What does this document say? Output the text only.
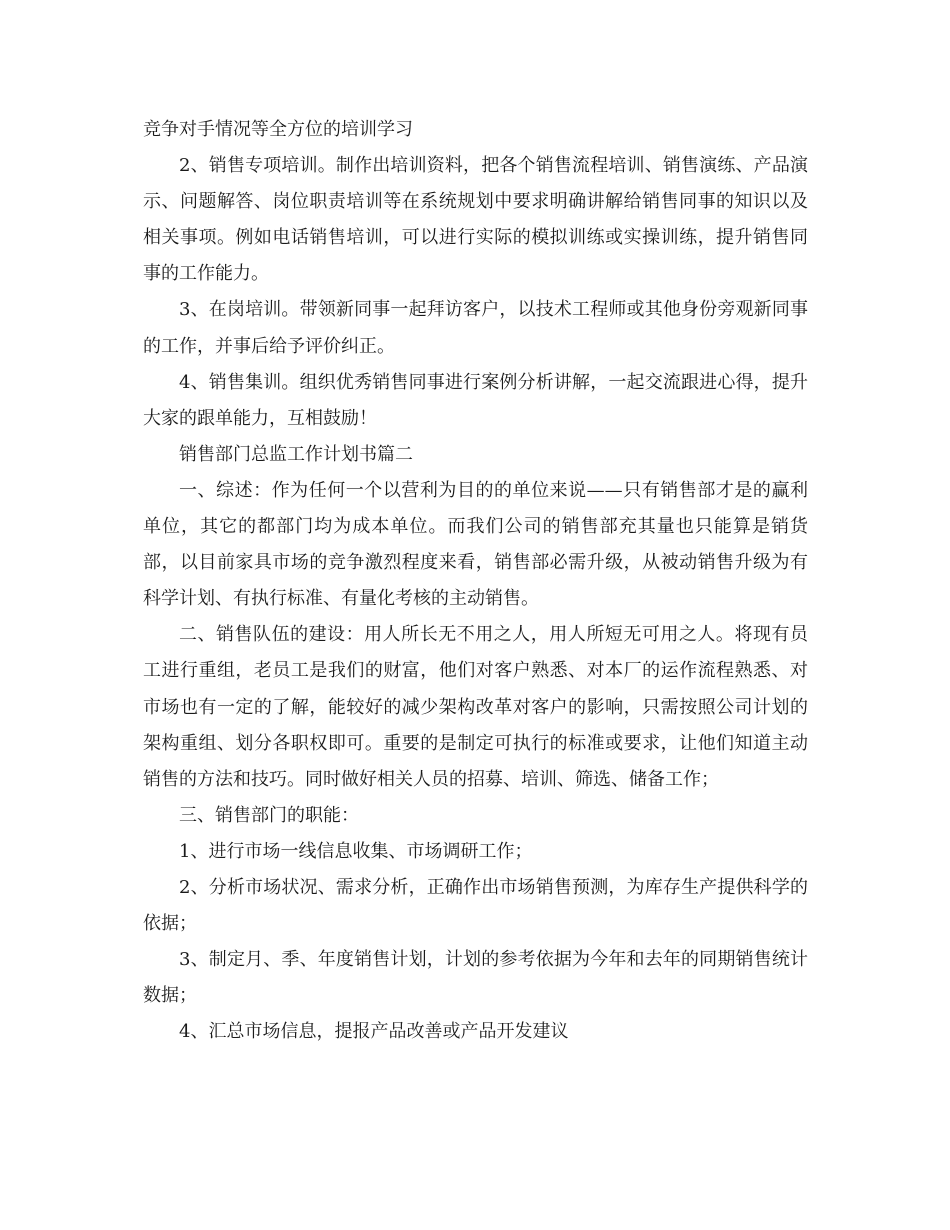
竞争对手情况等全方位的培训学习

2、销售专项培训。制作出培训资料，把各个销售流程培训、销售演练、产品演示、问题解答、岗位职责培训等在系统规划中要求明确讲解给销售同事的知识以及相关事项。例如电话销售培训，可以进行实际的模拟训练或实操训练，提升销售同事的工作能力。

3、在岗培训。带领新同事一起拜访客户，以技术工程师或其他身份旁观新同事的工作，并事后给予评价纠正。

4、销售集训。组织优秀销售同事进行案例分析讲解，一起交流跟进心得，提升大家的跟单能力，互相鼓励！

销售部门总监工作计划书篇二

一、综述：作为任何一个以营利为目的的单位来说——只有销售部才是的赢利单位，其它的都部门均为成本单位。而我们公司的销售部充其量也只能算是销货部，以目前家具市场的竞争激烈程度来看，销售部必需升级，从被动销售升级为有科学计划、有执行标准、有量化考核的主动销售。

二、销售队伍的建设：用人所长无不用之人，用人所短无可用之人。将现有员工进行重组，老员工是我们的财富，他们对客户熟悉、对本厂的运作流程熟悉、对市场也有一定的了解，能较好的减少架构改革对客户的影响，只需按照公司计划的架构重组、划分各职权即可。重要的是制定可执行的标准或要求，让他们知道主动销售的方法和技巧。同时做好相关人员的招募、培训、筛选、储备工作；

三、销售部门的职能：

1、进行市场一线信息收集、市场调研工作；

2、分析市场状况、需求分析，正确作出市场销售预测，为库存生产提供科学的依据；

3、制定月、季、年度销售计划，计划的参考依据为今年和去年的同期销售统计数据；

4、汇总市场信息，提报产品改善或产品开发建议
